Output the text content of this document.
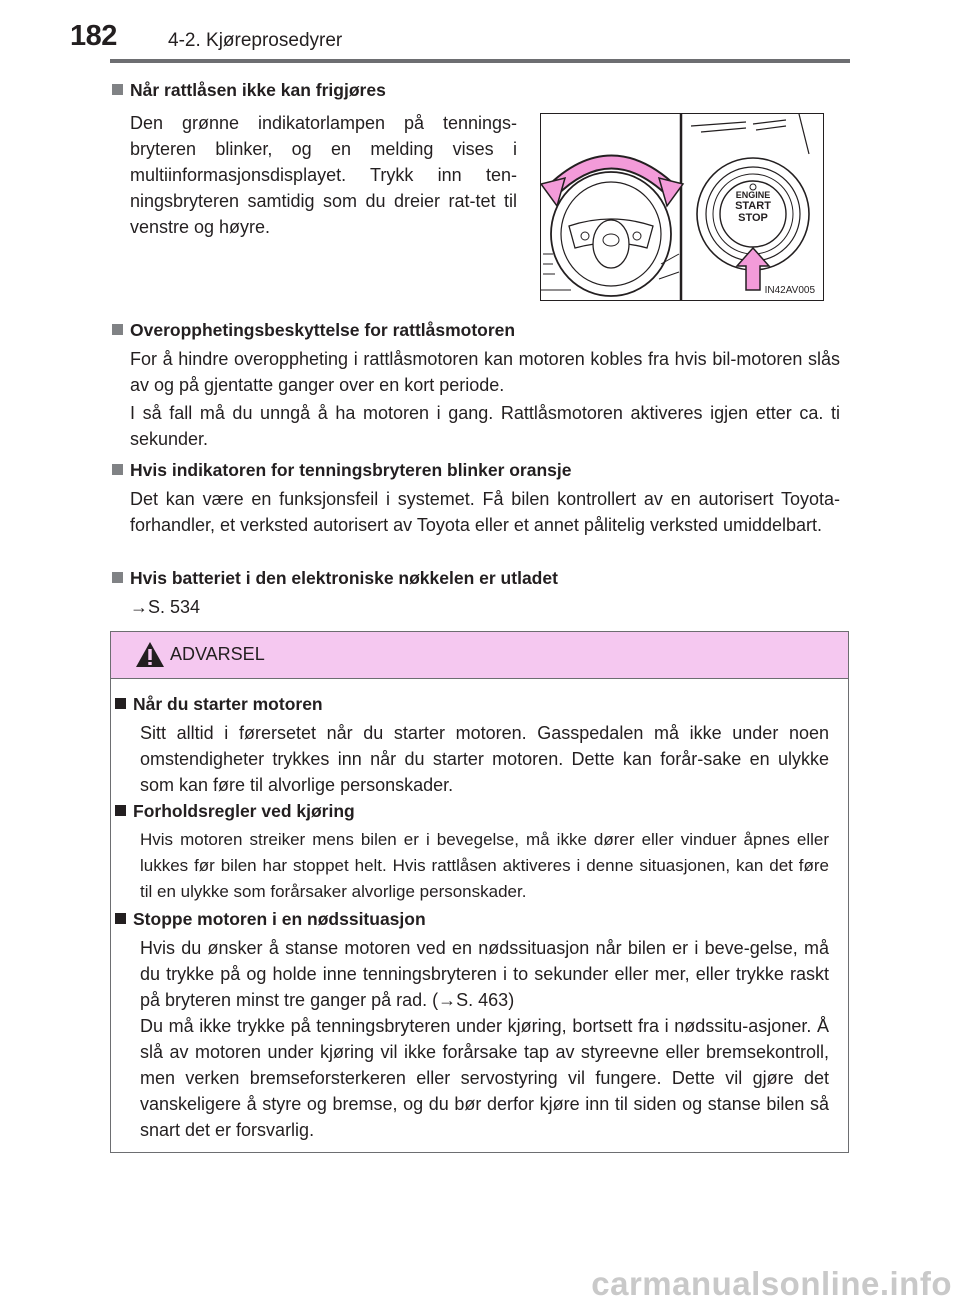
182	4-2. Kjøreprosedyrer
Når rattlåsen ikke kan frigjøres
Den grønne indikatorlampen på tennings-bryteren blinker, og en melding vises i multiinformasjonsdisplayet. Trykk inn ten-ningsbryteren samtidig som du dreier rat-tet til venstre og høyre.
ENGINE
START
STOP
IN42AV005
Overopphetingsbeskyttelse for rattlåsmotoren
For å hindre overoppheting i rattlåsmotoren kan motoren kobles fra hvis bil-motoren slås av og på gjentatte ganger over en kort periode.
I så fall må du unngå å ha motoren i gang. Rattlåsmotoren aktiveres igjen etter ca. ti sekunder.
Hvis indikatoren for tenningsbryteren blinker oransje
Det kan være en funksjonsfeil i systemet. Få bilen kontrollert av en autorisert Toyota-forhandler, et verksted autorisert av Toyota eller et annet pålitelig verksted umiddelbart.
Hvis batteriet i den elektroniske nøkkelen er utladet
→S. 534
ADVARSEL
Når du starter motoren
Sitt alltid i førersetet når du starter motoren. Gasspedalen må ikke under noen omstendigheter trykkes inn når du starter motoren. Dette kan forår-sake en ulykke som kan føre til alvorlige personskader.
Forholdsregler ved kjøring
Hvis motoren streiker mens bilen er i bevegelse, må ikke dører eller vinduer åpnes eller lukkes før bilen har stoppet helt. Hvis rattlåsen aktiveres i denne situasjonen, kan det føre til en ulykke som forårsaker alvorlige personskader.
Stoppe motoren i en nødssituasjon
Hvis du ønsker å stanse motoren ved en nødssituasjon når bilen er i beve-gelse, må du trykke på og holde inne tenningsbryteren i to sekunder eller mer, eller trykke raskt på bryteren minst tre ganger på rad. (→S. 463)
Du må ikke trykke på tenningsbryteren under kjøring, bortsett fra i nødssitu-asjoner. Å slå av motoren under kjøring vil ikke forårsake tap av styreevne eller bremsekontroll, men verken bremseforsterkeren eller servostyring vil fungere. Dette vil gjøre det vanskeligere å styre og bremse, og du bør derfor kjøre inn til siden og stanse bilen så snart det er forsvarlig.
carmanualsonline.info
